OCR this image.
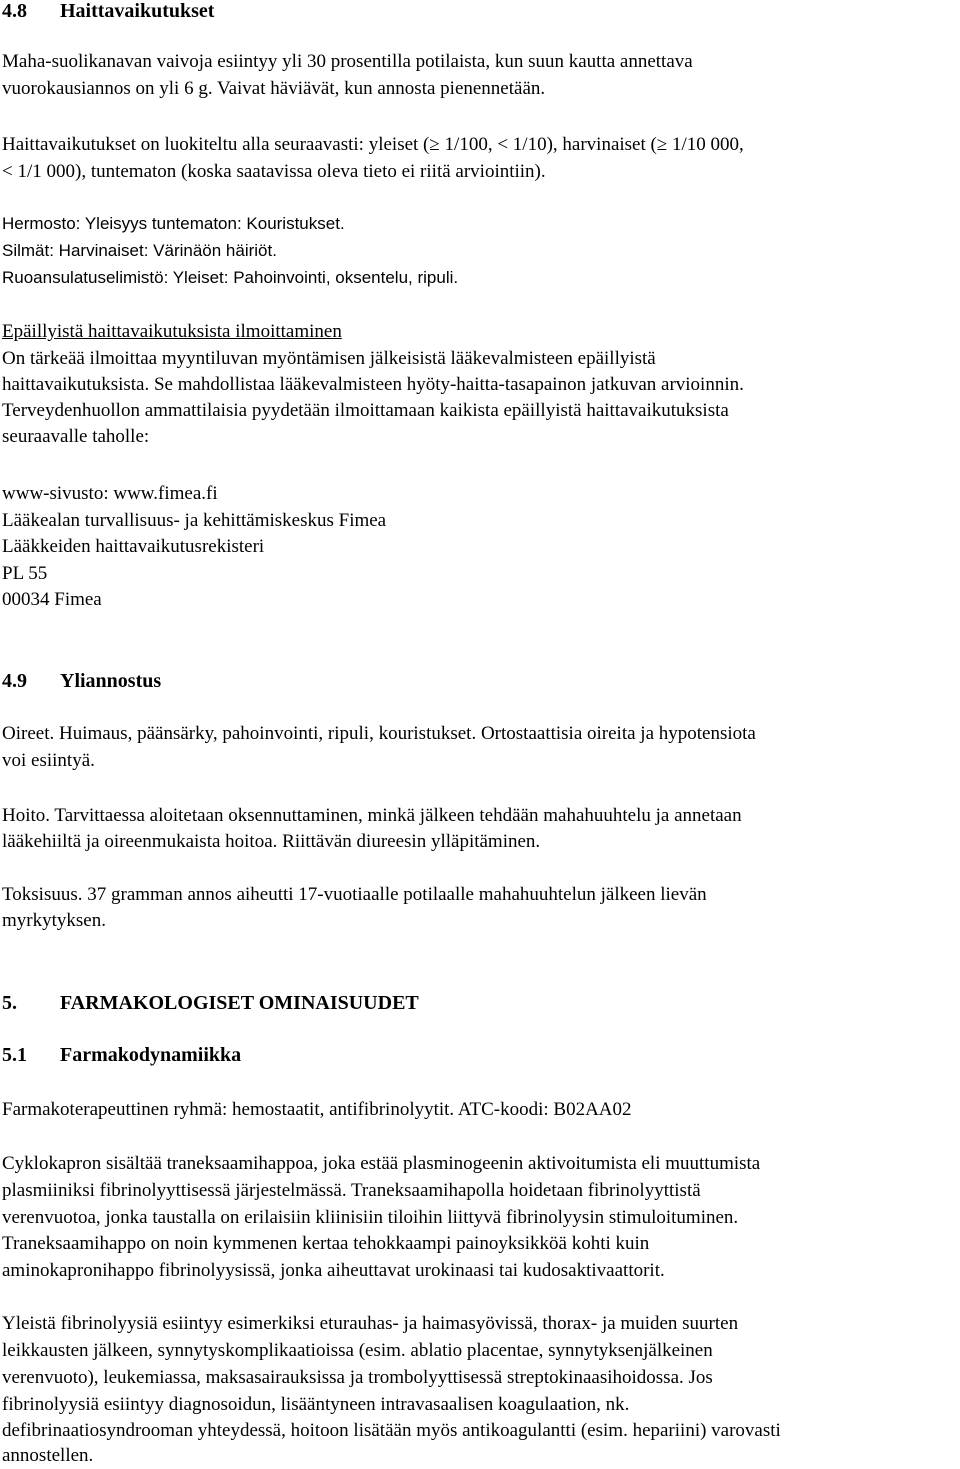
4.8 Haittavaikutukset
Maha-suolikanavan vaivoja esiintyy yli 30 prosentilla potilaista, kun suun kautta annettava
vuorokausiannos on yli 6 g. Vaivat häviävät, kun annosta pienennetään.
Haittavaikutukset on luokiteltu alla seuraavasti: yleiset (≥ 1/100, < 1/10), harvinaiset (≥ 1/10 000,
< 1/1 000), tuntematon (koska saatavissa oleva tieto ei riitä arviointiin).
Hermosto: Yleisyys tuntematon: Kouristukset.
Silmät: Harvinaiset: Värinäön häiriöt.
Ruoansulatuselimistö: Yleiset: Pahoinvointi, oksentelu, ripuli.
Epäillyistä haittavaikutuksista ilmoittaminen
On tärkeää ilmoittaa myyntiluvan myöntämisen jälkeisistä lääkevalmisteen epäillyistä
haittavaikutuksista. Se mahdollistaa lääkevalmisteen hyöty-haitta-tasapainon jatkuvan arvioinnin.
Terveydenhuollon ammattilaisia pyydetään ilmoittamaan kaikista epäillyistä haittavaikutuksista
seuraavalle taholle:
www-sivusto: www.fimea.fi
Lääkealan turvallisuus- ja kehittämiskeskus Fimea
Lääkkeiden haittavaikutusrekisteri
PL 55
00034 Fimea
4.9 Yliannostus
Oireet. Huimaus, päänsärky, pahoinvointi, ripuli, kouristukset. Ortostaattisia oireita ja hypotensiota
voi esiintyä.
Hoito. Tarvittaessa aloitetaan oksennuttaminen, minkä jälkeen tehdään mahahuuhtelu ja annetaan
lääkehiiltä ja oireenmukaista hoitoa. Riittävän diureesin ylläpitäminen.
Toksisuus. 37 gramman annos aiheutti 17-vuotiaalle potilaalle mahahuuhtelun jälkeen lievän
myrkytyksen.
5. FARMAKOLOGISET OMINAISUUDET
5.1 Farmakodynamiikka
Farmakoterapeuttinen ryhmä: hemostaatit, antifibrinolyytit. ATC-koodi: B02AA02
Cyklokapron sisältää traneksaamihappoa, joka estää plasminogeenin aktivoitumista eli muuttumista
plasmiiniksi fibrinolyyttisessä järjestelmässä. Traneksaamihapolla hoidetaan fibrinolyyttistä
verenvuotoa, jonka taustalla on erilaisiin kliinisiin tiloihin liittyvä fibrinolyysin stimuloituminen.
Traneksaamihappo on noin kymmenen kertaa tehokkaampi painoyksikköä kohti kuin
aminokapronihappo fibrinolyysissä, jonka aiheuttavat urokinaasi tai kudosaktivaattorit.
Yleistä fibrinolyysiä esiintyy esimerkiksi eturauhas- ja haimasyövissä, thorax- ja muiden suurten
leikkausten jälkeen, synnytyskomplikaatioissa (esim. ablatio placentae, synnytyksenjälkeinen
verenvuoto), leukemiassa, maksasairauksissa ja trombolyyttisessä streptokinaasihoidossa. Jos
fibrinolyysiä esiintyy diagnosoidun, lisääntyneen intravasaalisen koagulaation, nk.
defibrinaatiosyndrooman yhteydessä, hoitoon lisätään myös antikoagulantti (esim. hepariini) varovasti
annostellen.
